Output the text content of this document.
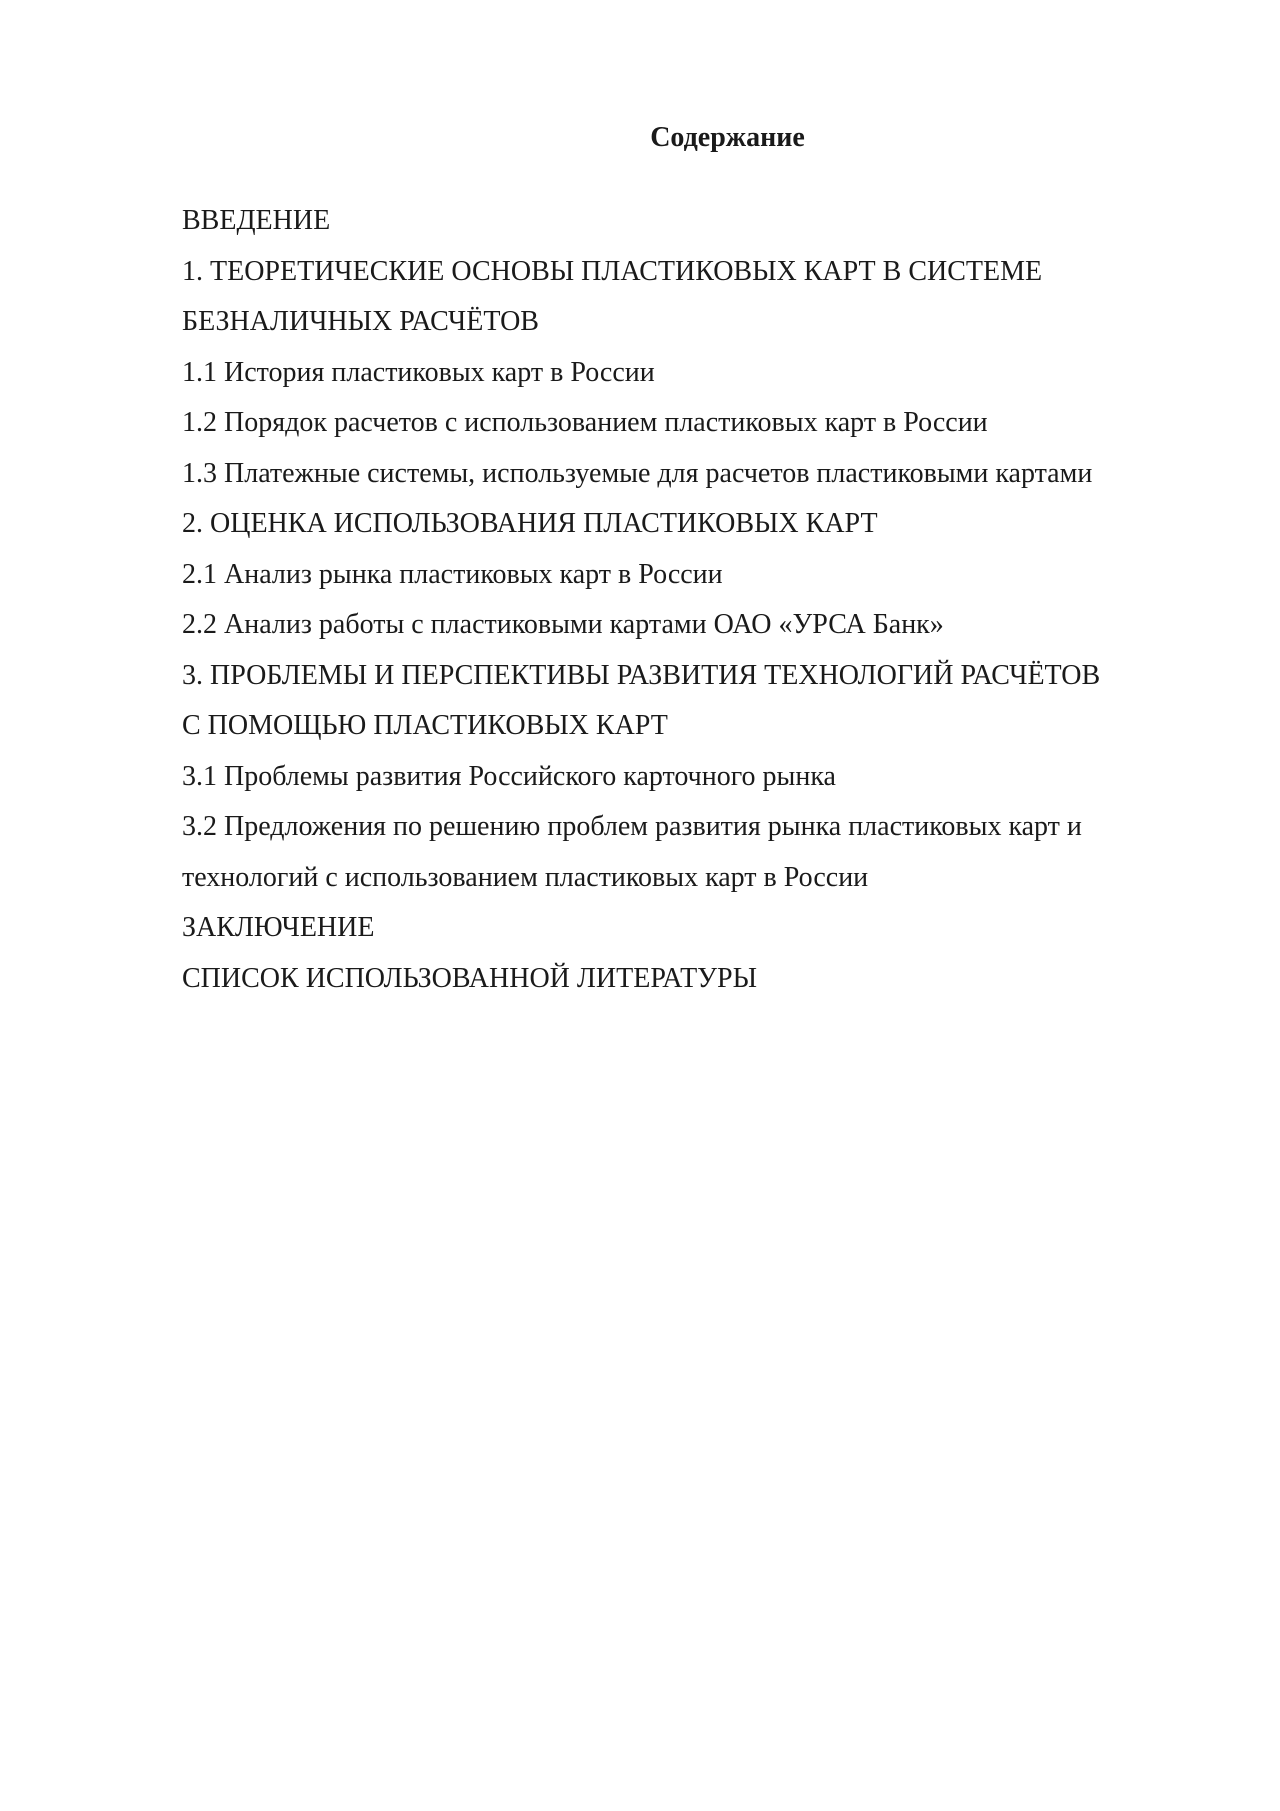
Содержание
ВВЕДЕНИЕ
1. ТЕОРЕТИЧЕСКИЕ ОСНОВЫ ПЛАСТИКОВЫХ КАРТ В СИСТЕМЕ
БЕЗНАЛИЧНЫХ РАСЧЁТОВ
1.1 История пластиковых карт в России
1.2 Порядок расчетов с использованием пластиковых карт в России
1.3 Платежные системы, используемые для расчетов пластиковыми картами
2. ОЦЕНКА ИСПОЛЬЗОВАНИЯ ПЛАСТИКОВЫХ КАРТ
2.1 Анализ рынка пластиковых карт в России
2.2 Анализ работы с пластиковыми картами ОАО «УРСА Банк»
3. ПРОБЛЕМЫ И ПЕРСПЕКТИВЫ РАЗВИТИЯ ТЕХНОЛОГИЙ РАСЧЁТОВ
С ПОМОЩЬЮ ПЛАСТИКОВЫХ КАРТ
3.1 Проблемы развития Российского карточного рынка
3.2 Предложения по решению проблем развития рынка пластиковых карт и
технологий с использованием пластиковых карт в России
ЗАКЛЮЧЕНИЕ
СПИСОК ИСПОЛЬЗОВАННОЙ ЛИТЕРАТУРЫ
